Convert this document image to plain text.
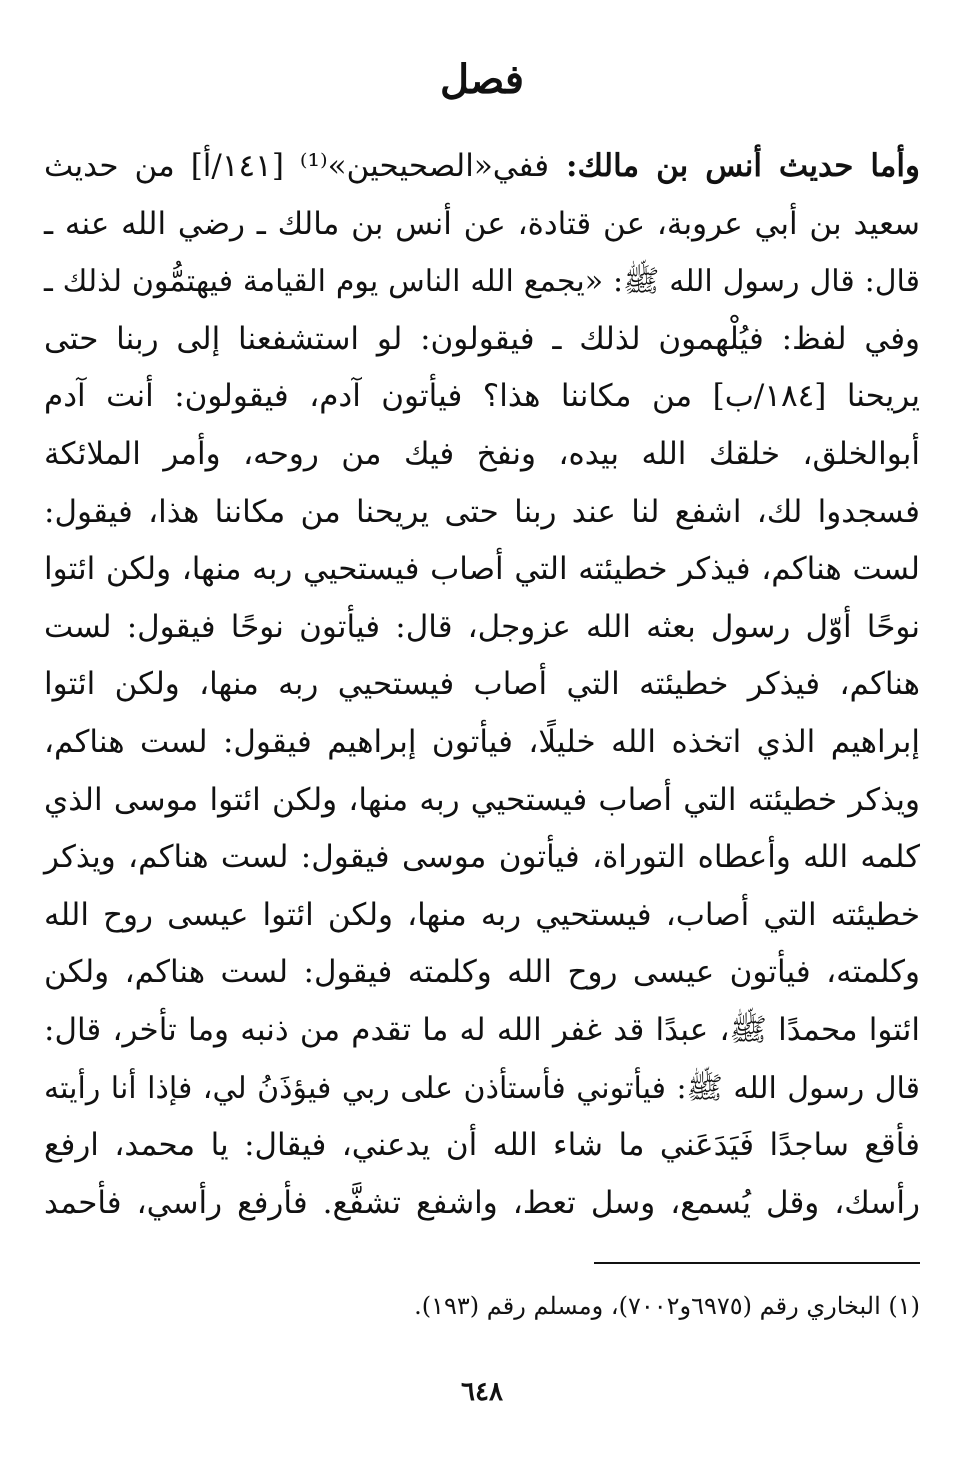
فصل
وأما حديث أنس بن مالك: ففي«الصحيحين»⁽¹⁾ [١٤١/أ] من حديث
سعيد بن أبي عروبة، عن قتادة، عن أنس بن مالك ـ رضي الله عنه ـ
قال: قال رسول الله ﷺ: «يجمع الله الناس يوم القيامة فيهتمُّون لذلك ـ
وفي لفظ: فيُلْهمون لذلك ـ فيقولون: لو استشفعنا إلى ربنا حتى
يريحنا [١٨٤/ب] من مكاننا هذا؟ فيأتون آدم، فيقولون: أنت آدم
أبوالخلق، خلقك الله بيده، ونفخ فيك من روحه، وأمر الملائكة
فسجدوا لك، اشفع لنا عند ربنا حتى يريحنا من مكاننا هذا، فيقول:
لست هناكم، فيذكر خطيئته التي أصاب فيستحيي ربه منها، ولكن ائتوا
نوحًا أوّل رسول بعثه الله عزوجل، قال: فيأتون نوحًا فيقول: لست
هناكم، فيذكر خطيئته التي أصاب فيستحيي ربه منها، ولكن ائتوا
إبراهيم الذي اتخذه الله خليلًا، فيأتون إبراهيم فيقول: لست هناكم،
ويذكر خطيئته التي أصاب فيستحيي ربه منها، ولكن ائتوا موسى الذي
كلمه الله وأعطاه التوراة، فيأتون موسى فيقول: لست هناكم، ويذكر
خطيئته التي أصاب، فيستحيي ربه منها، ولكن ائتوا عيسى روح الله
وكلمته، فيأتون عيسى روح الله وكلمته فيقول: لست هناكم، ولكن
ائتوا محمدًا ﷺ، عبدًا قد غفر الله له ما تقدم من ذنبه وما تأخر، قال:
قال رسول الله ﷺ: فيأتوني فأستأذن على ربي فيؤذَنُ لي، فإذا أنا رأيته
فأقع ساجدًا فَيَدَعَني ما شاء الله أن يدعني، فيقال: يا محمد، ارفع
رأسك، وقل يُسمع، وسل تعط، واشفع تشفَّع. فأرفع رأسي، فأحمد
(١) البخاري رقم (٦٩٧٥و٧٠٠٢)، ومسلم رقم (١٩٣).
٦٤٨
